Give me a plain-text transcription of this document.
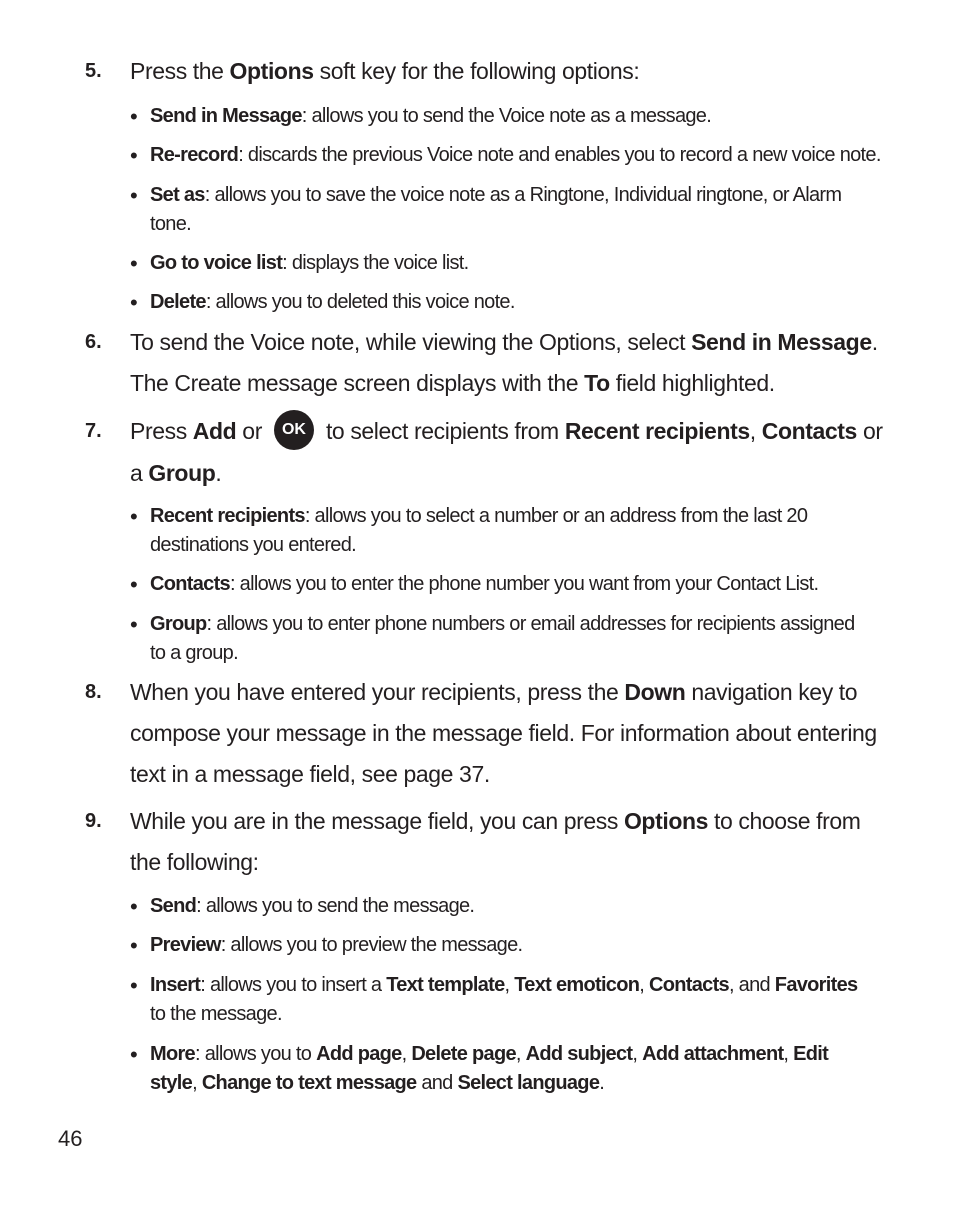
5. Press the Options soft key for the following options:
• Send in Message: allows you to send the Voice note as a message.
• Re-record: discards the previous Voice note and enables you to record a new voice note.
• Set as: allows you to save the voice note as a Ringtone, Individual ringtone, or Alarm
tone.
• Go to voice list: displays the voice list.
• Delete: allows you to deleted this voice note.
6. To send the Voice note, while viewing the Options, select Send in Message.
The Create message screen displays with the To field highlighted.
7. Press Add or OK to select recipients from Recent recipients, Contacts or
a Group.
• Recent recipients: allows you to select a number or an address from the last 20
destinations you entered.
• Contacts: allows you to enter the phone number you want from your Contact List.
• Group: allows you to enter phone numbers or email addresses for recipients assigned
to a group.
8. When you have entered your recipients, press the Down navigation key to
compose your message in the message field. For information about entering
text in a message field, see page 37.
9. While you are in the message field, you can press Options to choose from
the following:
• Send: allows you to send the message.
• Preview: allows you to preview the message.
• Insert: allows you to insert a Text template, Text emoticon, Contacts, and Favorites
to the message.
• More: allows you to Add page, Delete page, Add subject, Add attachment, Edit
style, Change to text message and Select language.
46
